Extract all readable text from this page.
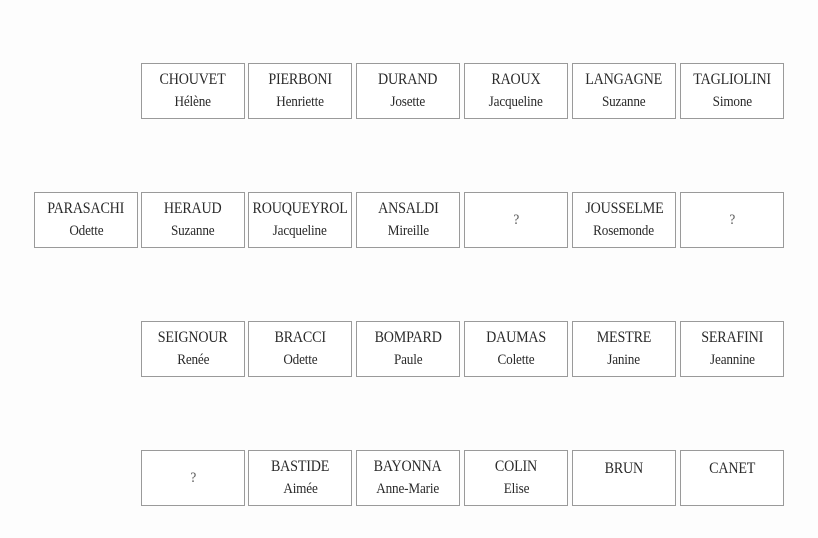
CHOUVET
Hélène
PIERBONI
Henriette
DURAND
Josette
RAOUX
Jacqueline
LANGAGNE
Suzanne
TAGLIOLINI
Simone
PARASACHI
Odette
HERAUD
Suzanne
ROUQUEYROL
Jacqueline
ANSALDI
Mireille
?
JOUSSELME
Rosemonde
?
SEIGNOUR
Renée
BRACCI
Odette
BOMPARD
Paule
DAUMAS
Colette
MESTRE
Janine
SERAFINI
Jeannine
?
BASTIDE
Aimée
BAYONNA
Anne-Marie
COLIN
Elise
BRUN	CANET
